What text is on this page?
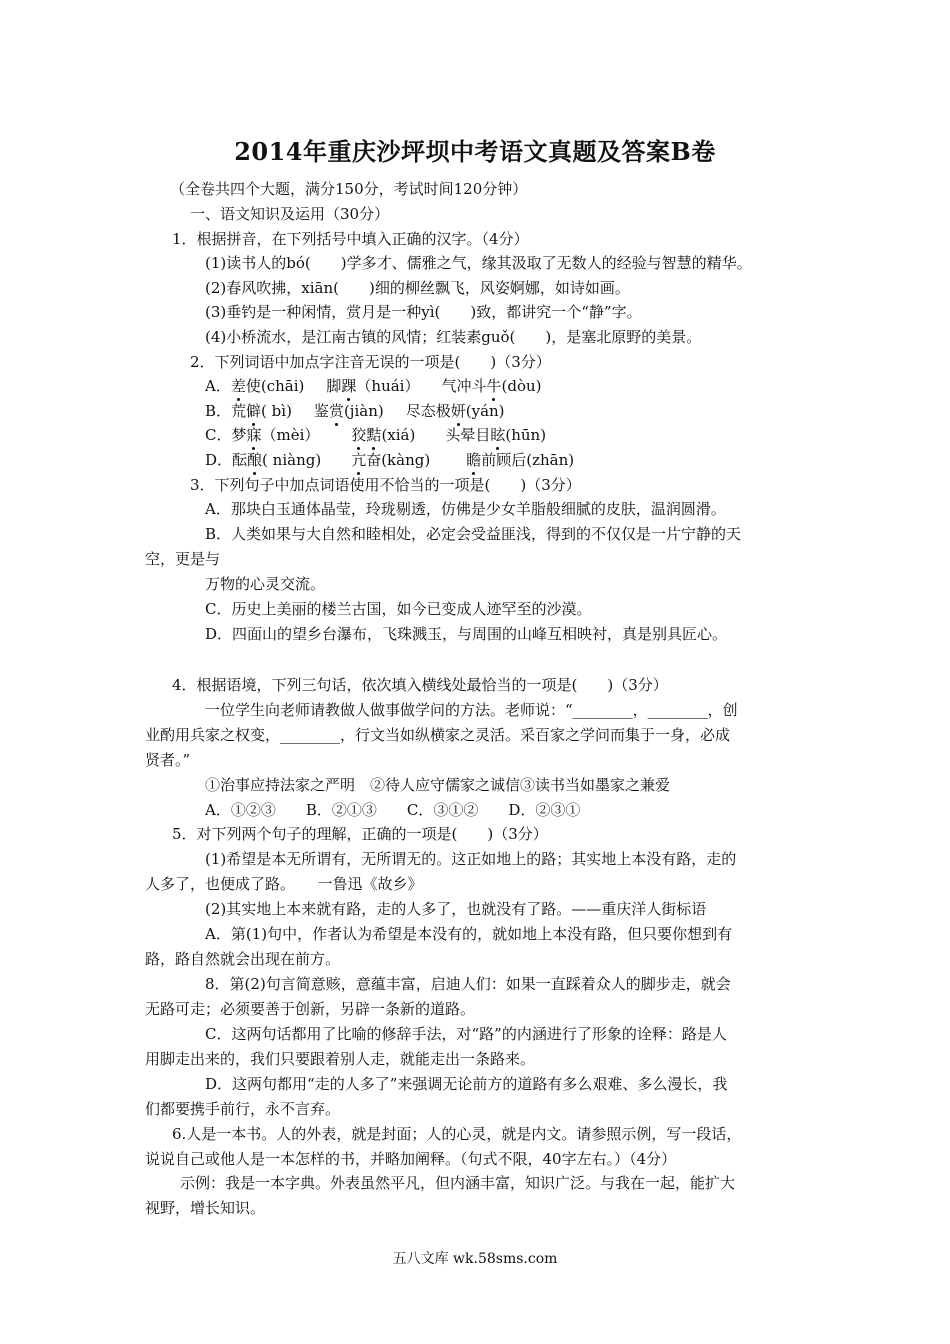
2014年重庆沙坪坝中考语文真题及答案B卷
（全卷共四个大题，满分150分，考试时间120分钟）
一、语文知识及运用（30分）
1．根据拼音，在下列括号中填入正确的汉字。（4分）
(1)读书人的bó(　　)学多才、儒雅之气，缘其汲取了无数人的经验与智慧的精华。
(2)春风吹拂，xiān(　　)细的柳丝飘飞，风姿婀娜，如诗如画。
(3)垂钓是一种闲情，赏月是一种yì(　　)致，都讲究一个“静”字。
(4)小桥流水，是江南古镇的风情；红装素guǒ(　　)，是塞北原野的美景。
2．下列词语中加点字注音无误的一项是(　　)（3分）
A．差使(chāi) 脚踝（huái） 气冲斗牛(dòu)
B．荒僻( bì) 鉴赏(jiàn) 尽态极妍(yán)
C．梦寐（mèi） 狡黠(xiá) 头晕目眩(hūn)
D．酝酿( niàng) 亢奋(kàng) 瞻前顾后(zhān)
3．下列句子中加点词语使用不恰当的一项是(　　)（3分）
A．那块白玉通体晶莹，玲珑剔透，仿佛是少女羊脂般细腻的皮肤，温润圆滑。
B．人类如果与大自然和睦相处，必定会受益匪浅，得到的不仅仅是一片宁静的天
空，更是与
万物的心灵交流。
C．历史上美丽的楼兰古国，如今已变成人迹罕至的沙漠。
D．四面山的望乡台瀑布，飞珠溅玉，与周围的山峰互相映衬，真是别具匠心。
4．根据语境，下列三句话，依次填入横线处最恰当的一项是(　　)（3分）
一位学生向老师请教做人做事做学问的方法。老师说：“________，________，创
业酌用兵家之权变，________，行文当如纵横家之灵活。采百家之学问而集于一身，必成
贤者。”
①治事应持法家之严明　②待人应守儒家之诚信③读书当如墨家之兼爱
A．①②③　　B．②①③　　C．③①②　　D．②③①
5．对下列两个句子的理解，正确的一项是(　　)（3分）
(1)希望是本无所谓有，无所谓无的。这正如地上的路；其实地上本没有路，走的
人多了，也便成了路。　　一鲁迅《故乡》
(2)其实地上本来就有路，走的人多了，也就没有了路。——重庆洋人街标语
A．第(1)句中，作者认为希望是本没有的，就如地上本没有路，但只要你想到有
路，路自然就会出现在前方。
8．第(2)句言简意赅，意蕴丰富，启迪人们：如果一直踩着众人的脚步走，就会
无路可走；必须要善于创新，另辟一条新的道路。
C．这两句话都用了比喻的修辞手法，对“路”的内涵进行了形象的诠释：路是人
用脚走出来的，我们只要跟着别人走，就能走出一条路来。
D．这两句都用“走的人多了”来强调无论前方的道路有多么艰难、多么漫长，我
们都要携手前行，永不言弃。
6.人是一本书。人的外表，就是封面；人的心灵，就是内文。请参照示例，写一段话，
说说自己或他人是一本怎样的书，并略加阐释。（句式不限，40字左右。）（4分）
示例：我是一本字典。外表虽然平凡，但内涵丰富，知识广泛。与我在一起，能扩大
视野，增长知识。
五八文库 wk.58sms.com
